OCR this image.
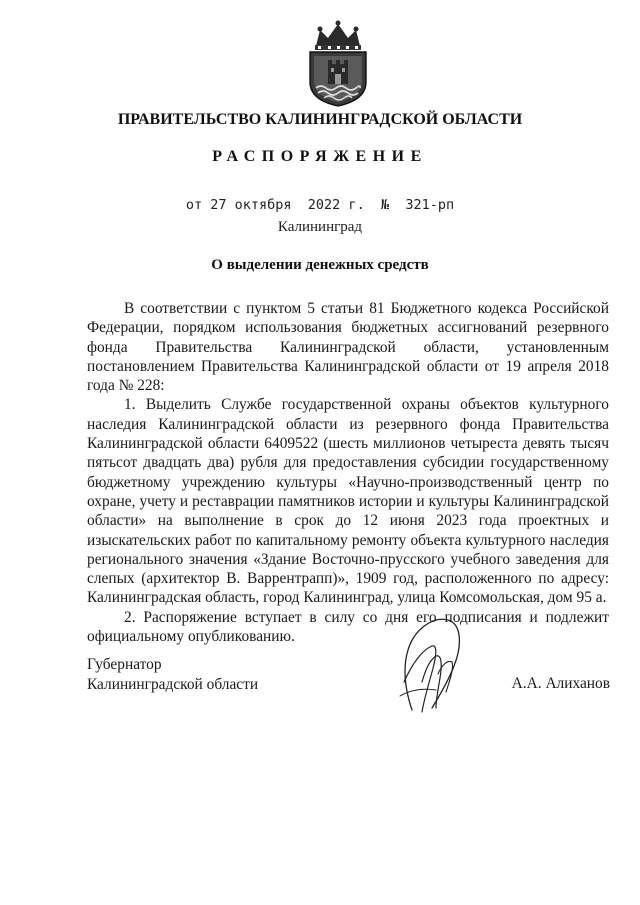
ПРАВИТЕЛЬСТВО КАЛИНИНГРАДСКОЙ ОБЛАСТИ
РАСПОРЯЖЕНИЕ
от 27 октября 2022 г. № 321-рп
Калининград
О выделении денежных средств

В соответствии с пунктом 5 статьи 81 Бюджетного кодекса Российской Федерации, порядком использования бюджетных ассигнований резервного фонда Правительства Калининградской области, установленным постановлением Правительства Калининградской области от 19 апреля 2018 года № 228:

1. Выделить Службе государственной охраны объектов культурного наследия Калининградской области из резервного фонда Правительства Калининградской области 6409522 (шесть миллионов четыреста девять тысяч пятьсот двадцать два) рубля для предоставления субсидии государственному бюджетному учреждению культуры «Научно-производственный центр по охране, учету и реставрации памятников истории и культуры Калининградской области» на выполнение в срок до 12 июня 2023 года проектных и изыскательских работ по капитальному ремонту объекта культурного наследия регионального значения «Здание Восточно-прусского учебного заведения для слепых (архитектор В. Варрентрапп)», 1909 год, расположенного по адресу: Калининградская область, город Калининград, улица Комсомольская, дом 95 а.

2. Распоряжение вступает в силу со дня его подписания и подлежит официальному опубликованию.

Губернатор
Калининградской области	А.А. Алиханов
